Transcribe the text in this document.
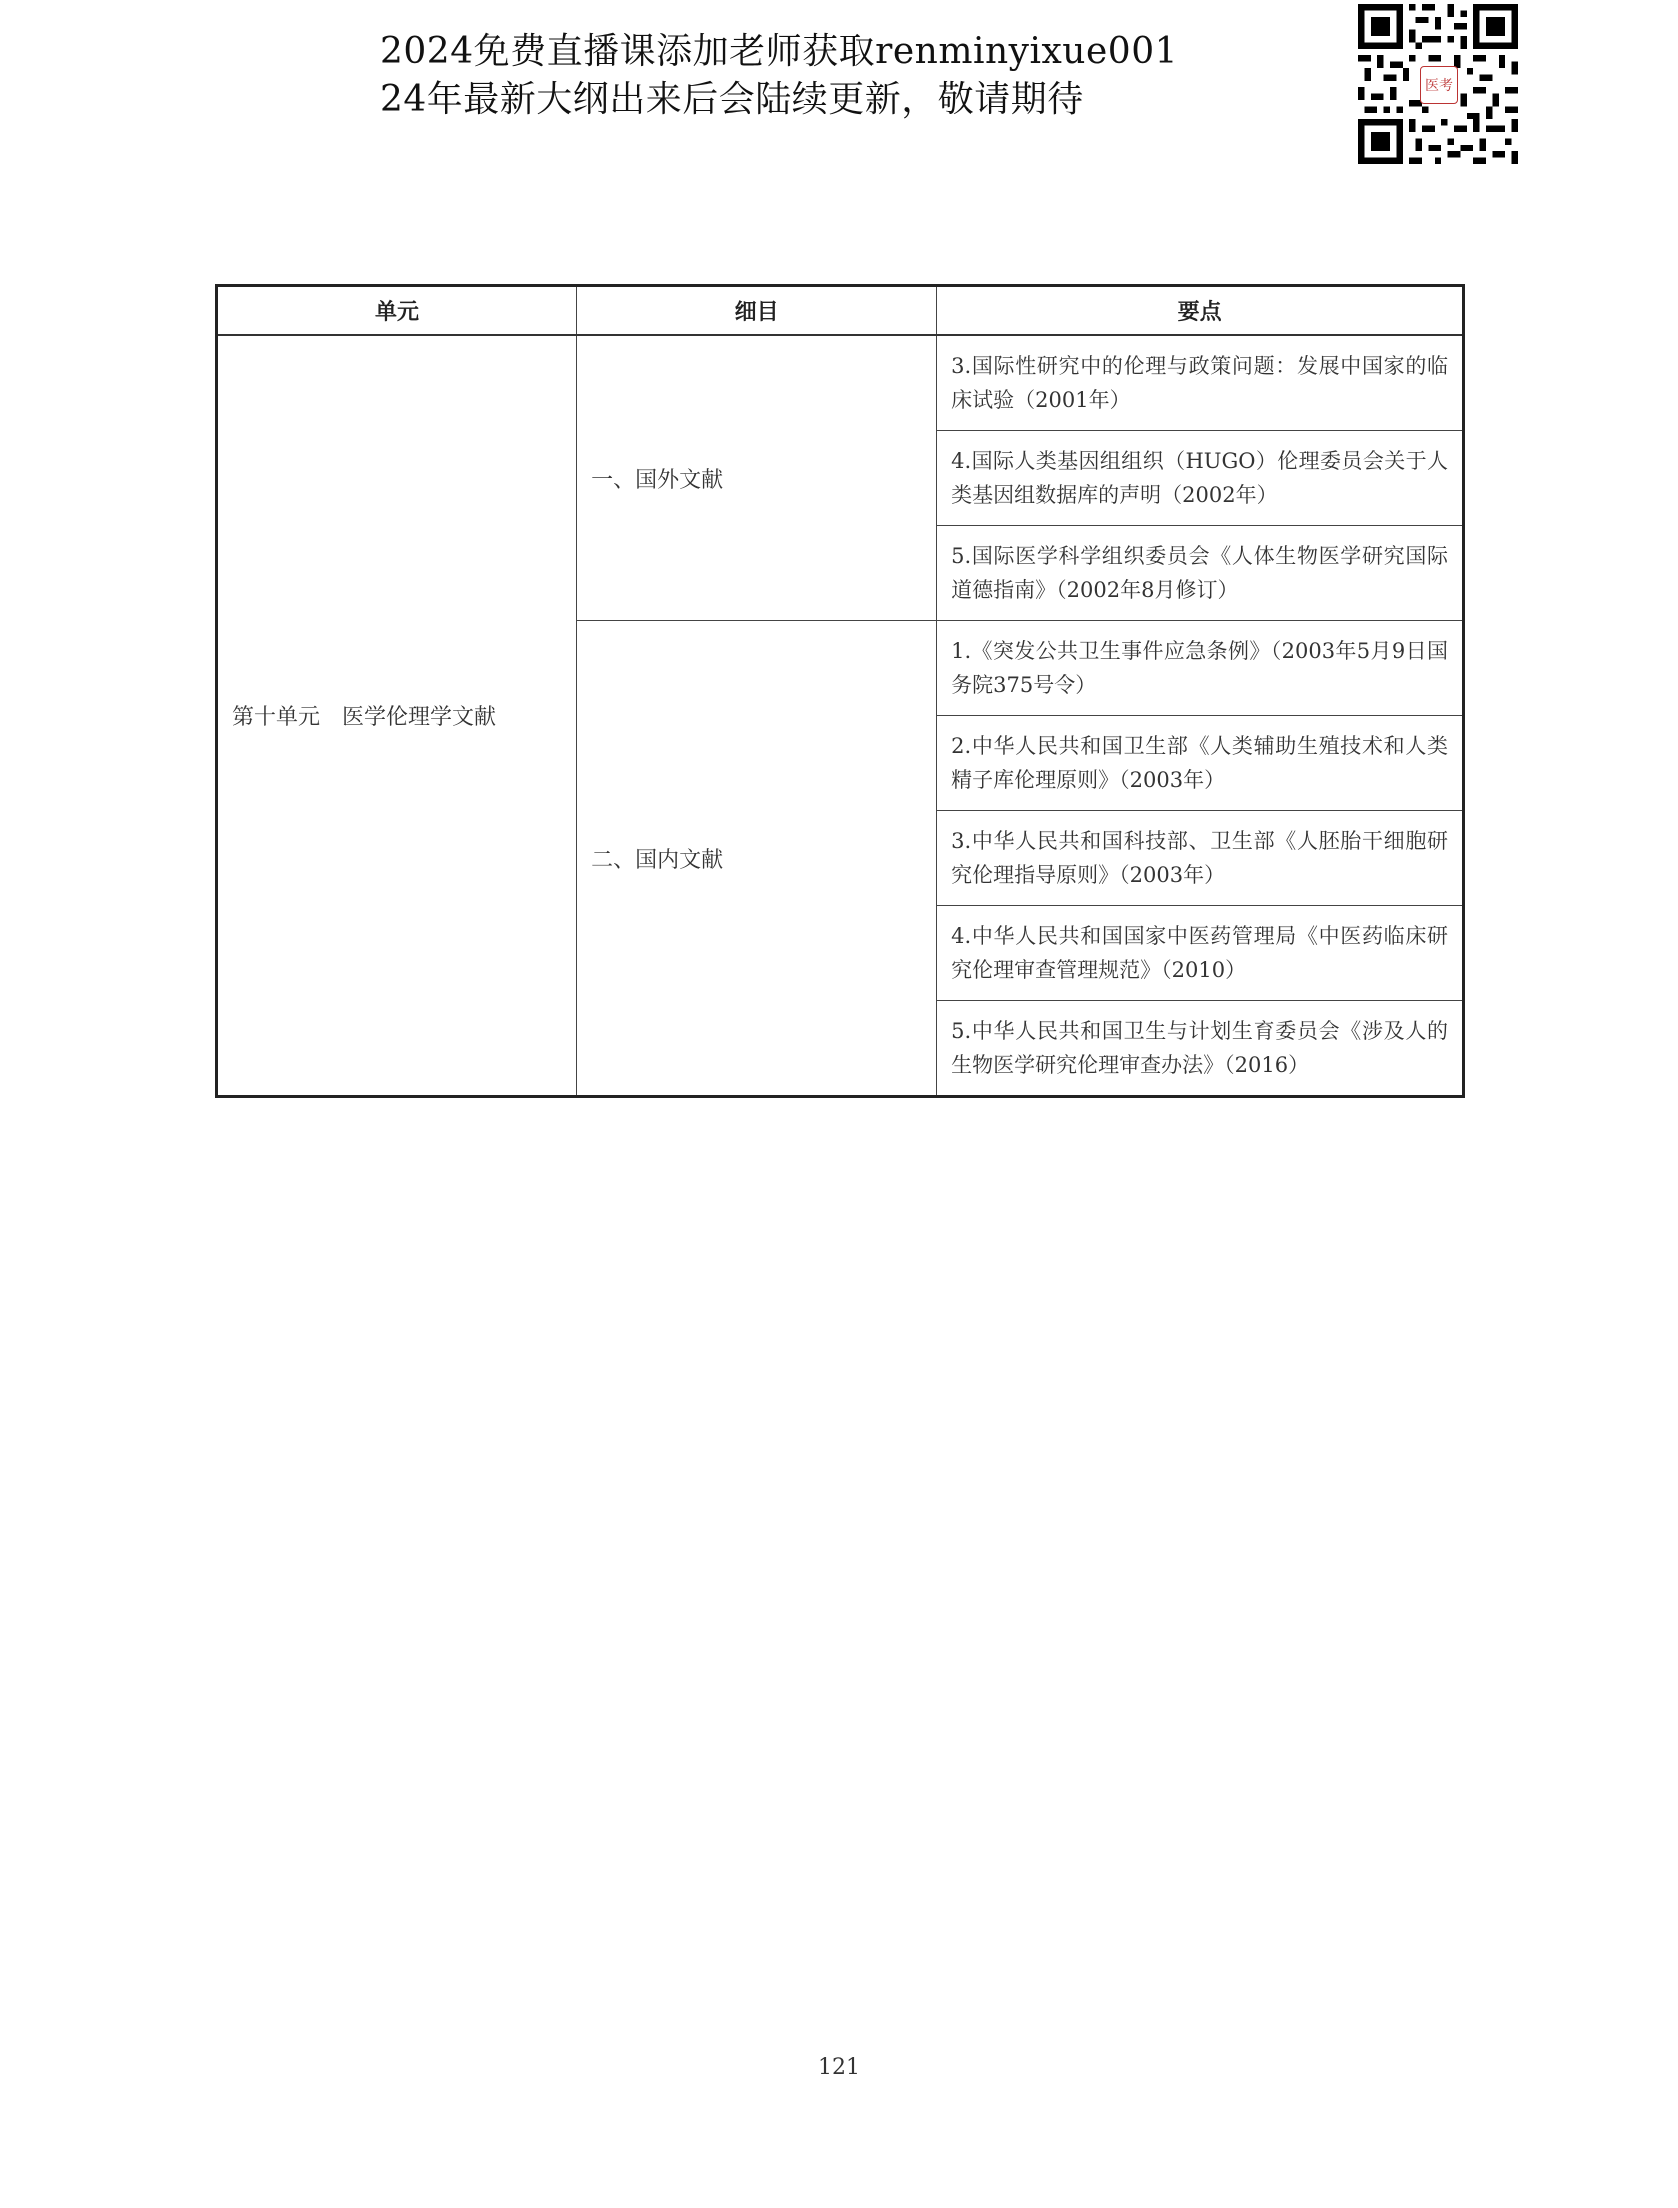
2024免费直播课添加老师获取renminyixue001
24年最新大纲出来后会陆续更新，敬请期待	医考
单元	细目	要点
第十单元　医学伦理学文献	一、国外文献	3.国际性研究中的伦理与政策问题：发展中国家的临床试验（2001年）
		4.国际人类基因组组织（HUGO）伦理委员会关于人类基因组数据库的声明（2002年）
		5.国际医学科学组织委员会《人体生物医学研究国际道德指南》（2002年8月修订）
	二、国内文献	1.《突发公共卫生事件应急条例》（2003年5月9日国务院375号令）
		2.中华人民共和国卫生部《人类辅助生殖技术和人类精子库伦理原则》（2003年）
		3.中华人民共和国科技部、卫生部《人胚胎干细胞研究伦理指导原则》（2003年）
		4.中华人民共和国国家中医药管理局《中医药临床研究伦理审查管理规范》（2010）
		5.中华人民共和国卫生与计划生育委员会《涉及人的生物医学研究伦理审查办法》（2016）
121
